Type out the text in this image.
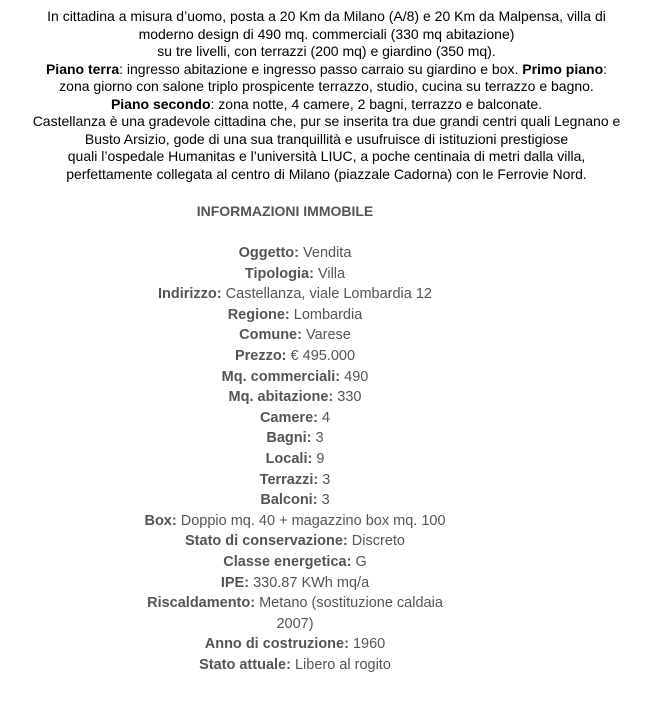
In cittadina a misura d’uomo, posta a 20 Km da Milano (A/8) e 20 Km da Malpensa, villa di
moderno design di 490 mq. commerciali (330 mq abitazione)
su tre livelli, con terrazzi (200 mq) e giardino (350 mq).
Piano terra: ingresso abitazione e ingresso passo carraio su giardino e box. Primo piano:
zona giorno con salone triplo prospicente terrazzo, studio, cucina su terrazzo e bagno.
Piano secondo: zona notte, 4 camere, 2 bagni, terrazzo e balconate.
Castellanza è una gradevole cittadina che, pur se inserita tra due grandi centri quali Legnano e
Busto Arsizio, gode di una sua tranquillità e usufruisce di istituzioni prestigiose
quali l’ospedale Humanitas e l’università LIUC, a poche centinaia di metri dalla villa,
perfettamente collegata al centro di Milano (piazzale Cadorna) con le Ferrovie Nord.
INFORMAZIONI IMMOBILE
Oggetto: Vendita
Tipologia: Villa
Indirizzo: Castellanza, viale Lombardia 12
Regione: Lombardia
Comune: Varese
Prezzo: € 495.000
Mq. commerciali: 490
Mq. abitazione: 330
Camere: 4
Bagni: 3
Locali: 9
Terrazzi: 3
Balconi: 3
Box: Doppio mq. 40 + magazzino box mq. 100
Stato di conservazione: Discreto
Classe energetica: G
IPE: 330.87 KWh mq/a
Riscaldamento: Metano (sostituzione caldaia 2007)
Anno di costruzione: 1960
Stato attuale: Libero al rogito
